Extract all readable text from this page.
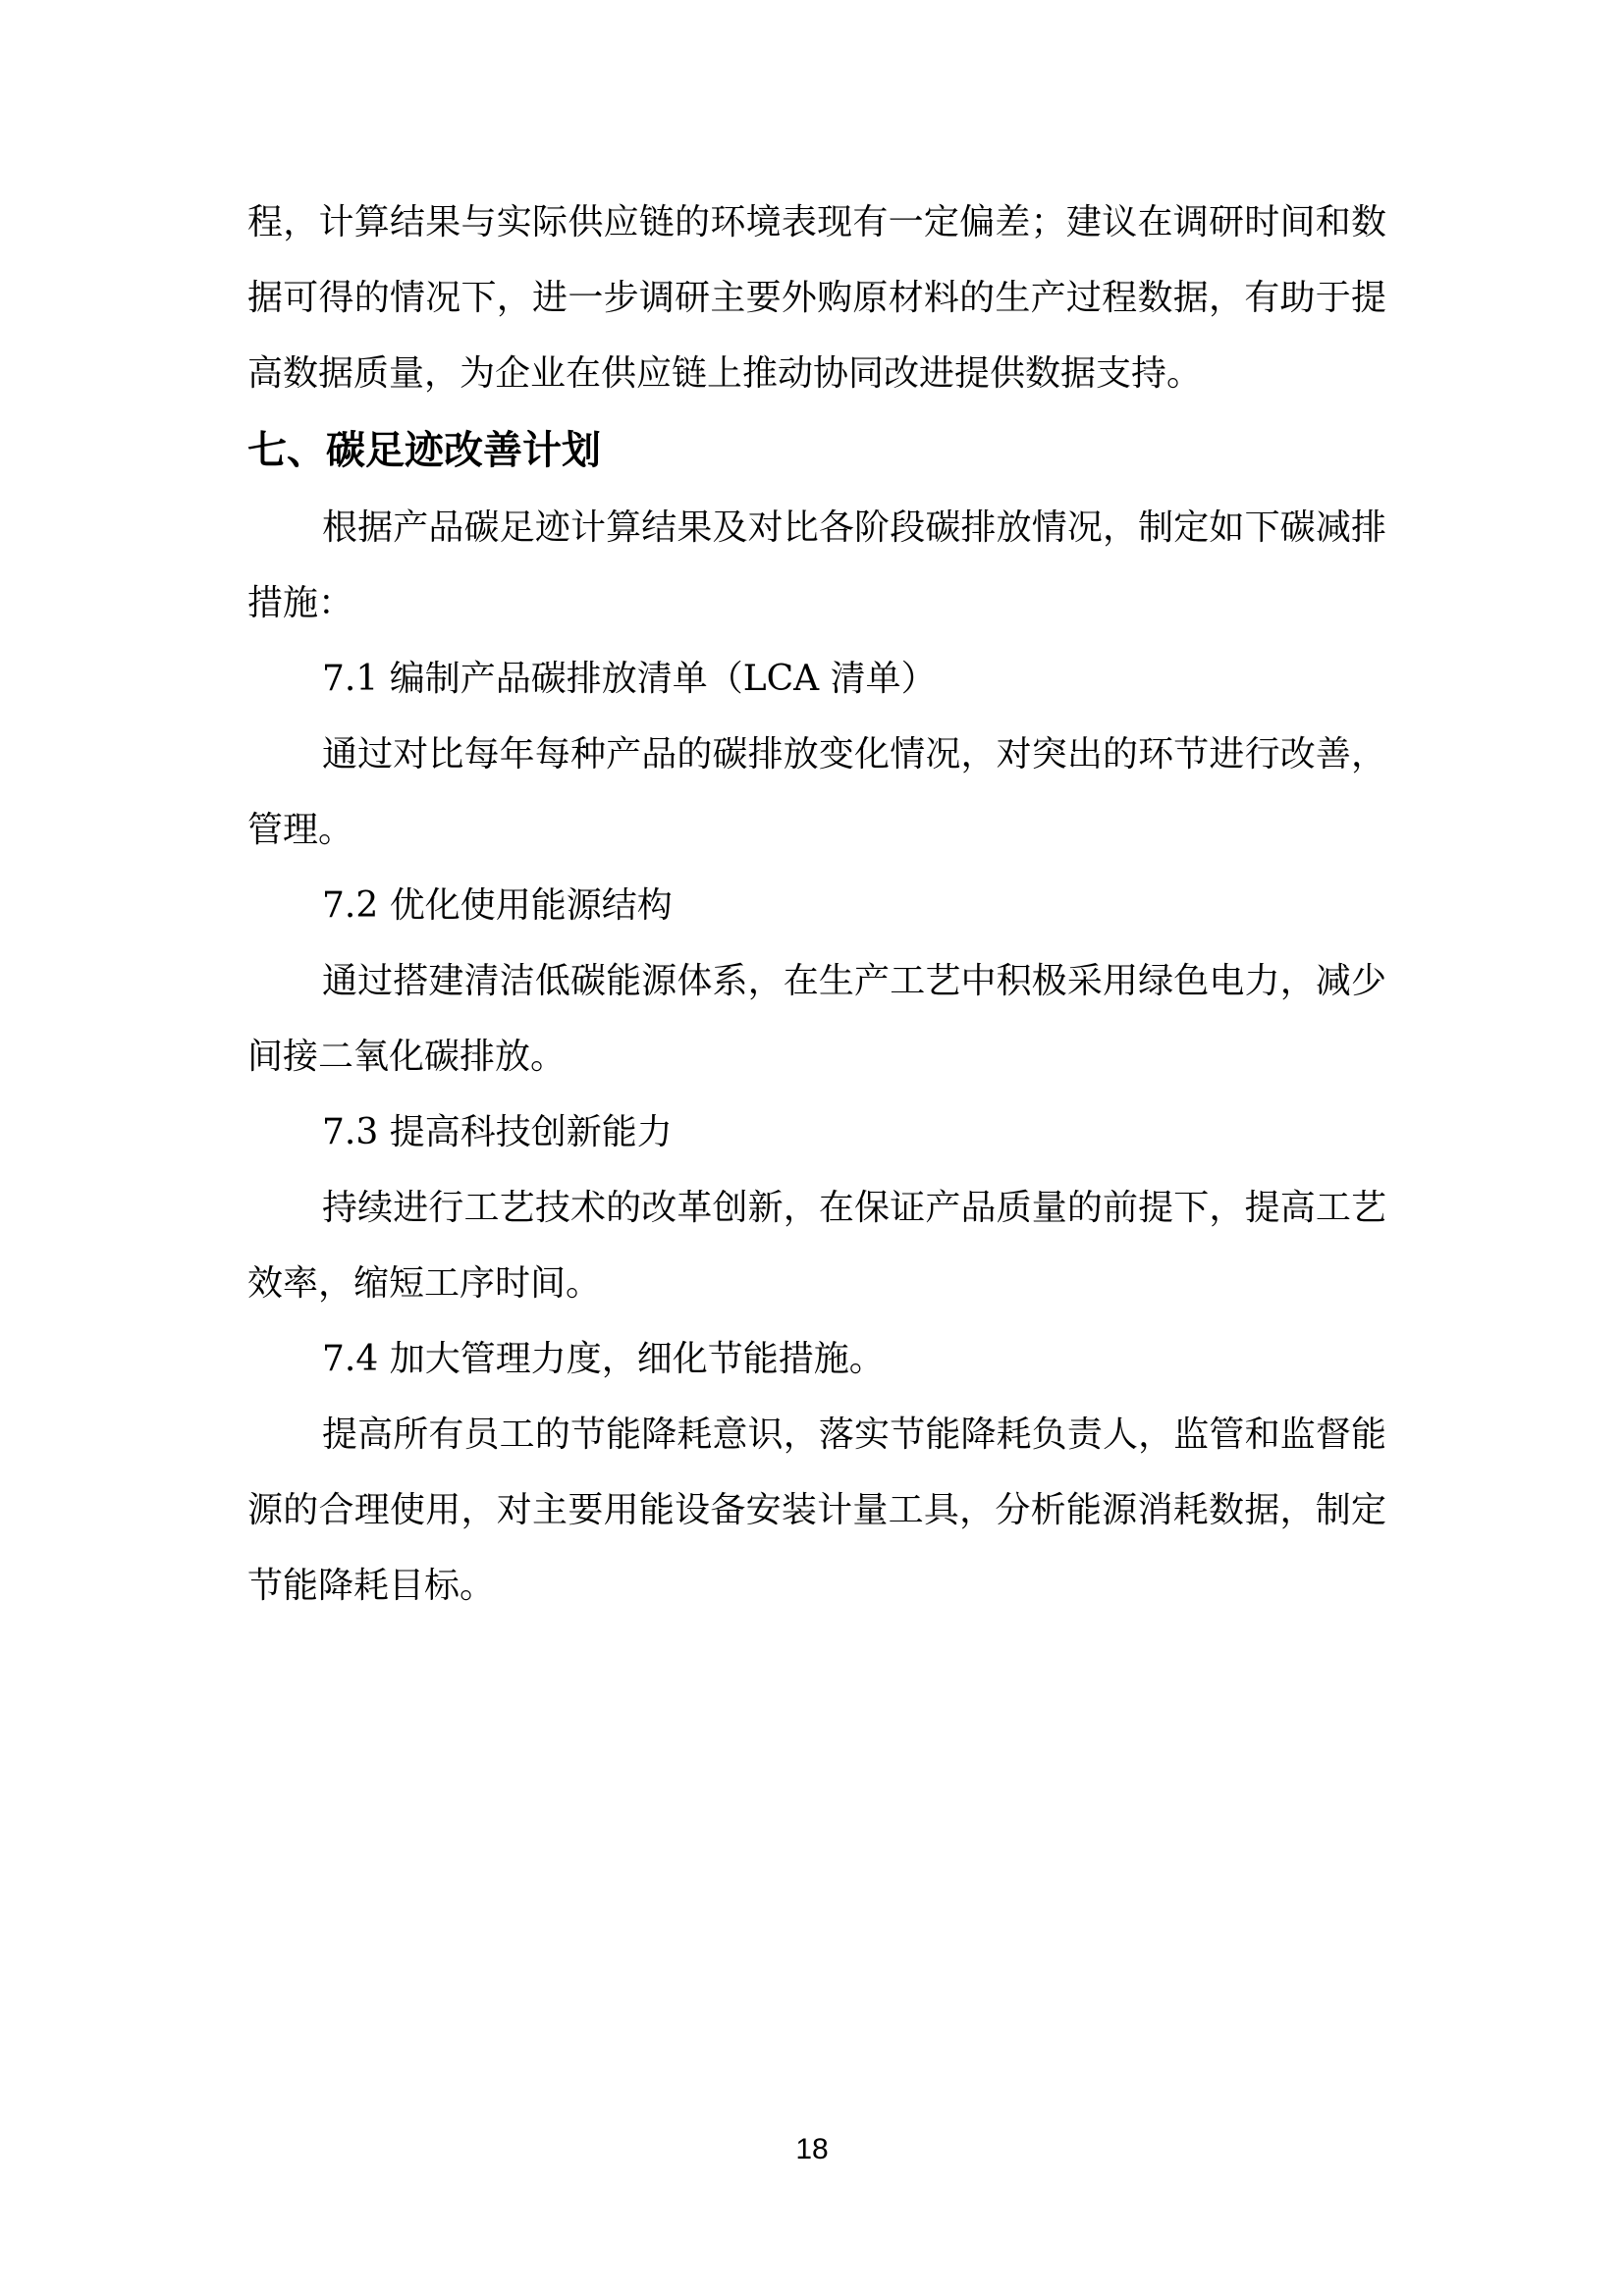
程，计算结果与实际供应链的环境表现有一定偏差；建议在调研时间和数据可得的情况下，进一步调研主要外购原材料的生产过程数据，有助于提高数据质量，为企业在供应链上推动协同改进提供数据支持。

七、碳足迹改善计划

根据产品碳足迹计算结果及对比各阶段碳排放情况，制定如下碳减排措施：

7.1 编制产品碳排放清单（LCA 清单）

通过对比每年每种产品的碳排放变化情况，对突出的环节进行改善，管理。

7.2 优化使用能源结构

通过搭建清洁低碳能源体系，在生产工艺中积极采用绿色电力，减少间接二氧化碳排放。

7.3 提高科技创新能力

持续进行工艺技术的改革创新，在保证产品质量的前提下，提高工艺效率，缩短工序时间。

7.4 加大管理力度，细化节能措施。

提高所有员工的节能降耗意识，落实节能降耗负责人，监管和监督能源的合理使用，对主要用能设备安装计量工具，分析能源消耗数据，制定节能降耗目标。

18
